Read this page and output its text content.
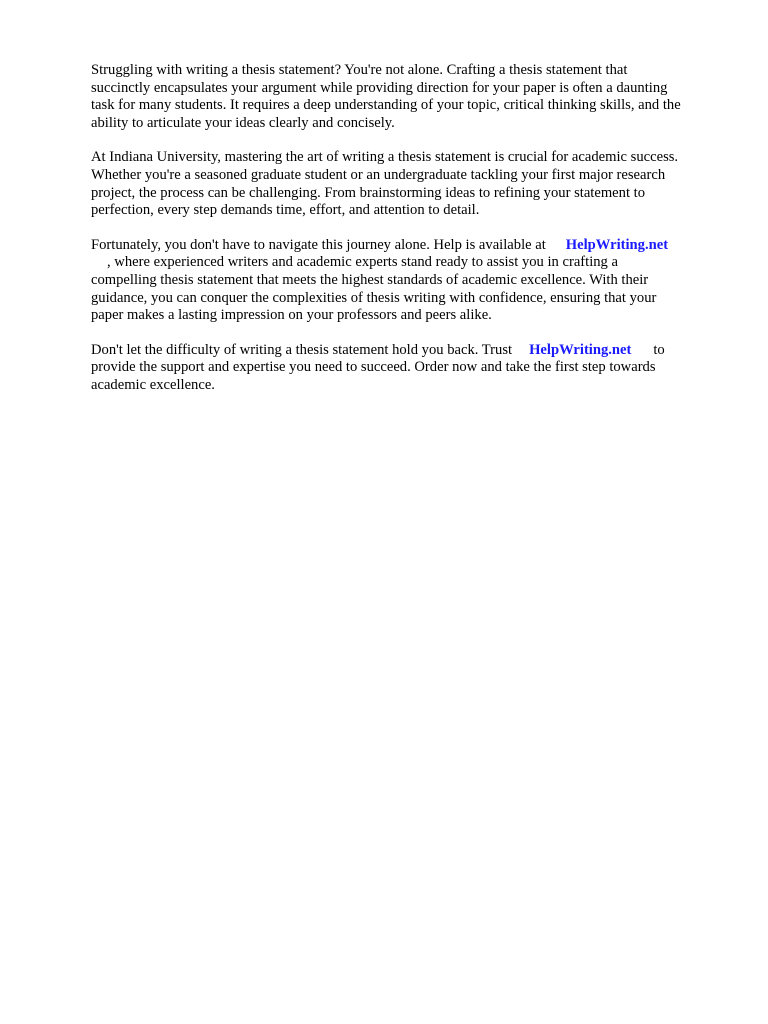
Struggling with writing a thesis statement? You're not alone. Crafting a thesis statement that
succinctly encapsulates your argument while providing direction for your paper is often a daunting
task for many students. It requires a deep understanding of your topic, critical thinking skills, and the
ability to articulate your ideas clearly and concisely.

At Indiana University, mastering the art of writing a thesis statement is crucial for academic success.
Whether you're a seasoned graduate student or an undergraduate tackling your first major research
project, the process can be challenging. From brainstorming ideas to refining your statement to
perfection, every step demands time, effort, and attention to detail.

Fortunately, you don't have to navigate this journey alone. Help is available at HelpWriting.net
, where experienced writers and academic experts stand ready to assist you in crafting a
compelling thesis statement that meets the highest standards of academic excellence. With their
guidance, you can conquer the complexities of thesis writing with confidence, ensuring that your
paper makes a lasting impression on your professors and peers alike.

Don't let the difficulty of writing a thesis statement hold you back. Trust HelpWriting.net to
provide the support and expertise you need to succeed. Order now and take the first step towards
academic excellence.
